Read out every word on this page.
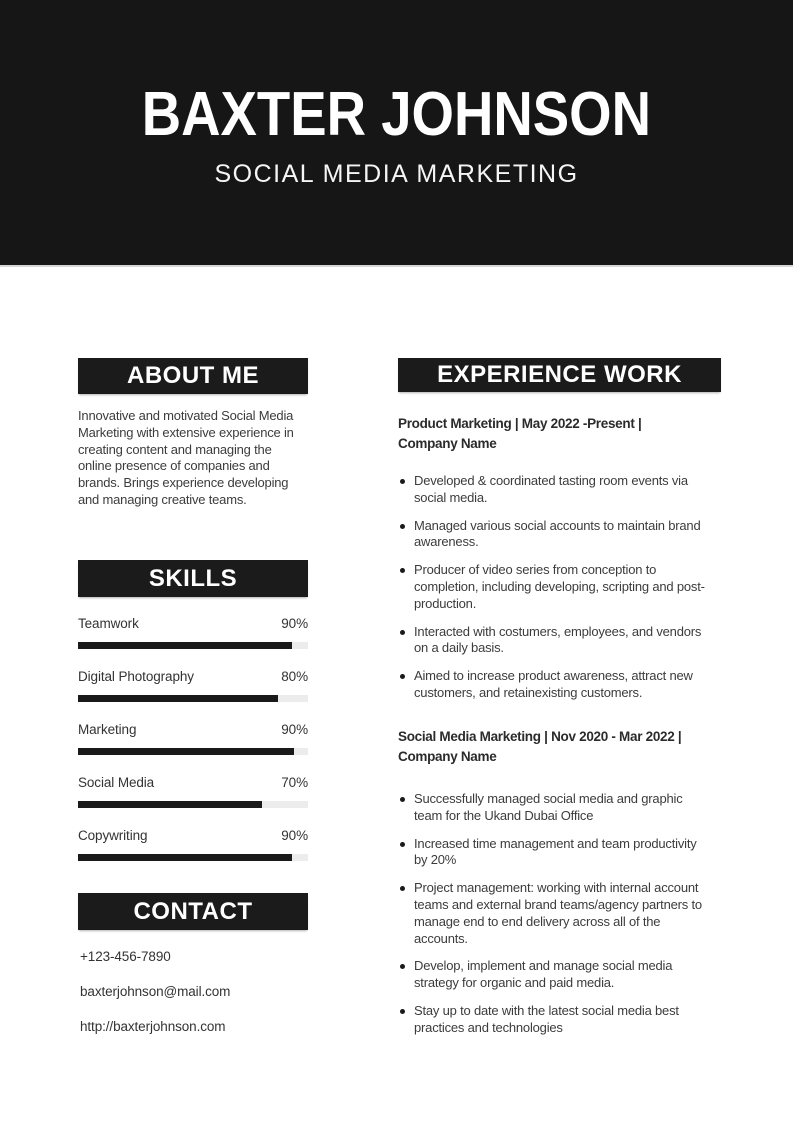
BAXTER JOHNSON
SOCIAL MEDIA MARKETING
ABOUT ME

Innovative and motivated Social Media Marketing with extensive experience in creating content and managing the online presence of companies and brands. Brings experience developing and managing creative teams.

SKILLS
Teamwork	90%
Digital Photography	80%
Marketing	90%
Social Media	70%
Copywriting	90%
CONTACT

+123-456-7890

baxterjohnson@mail.com

http://baxterjohnson.com

EXPERIENCE WORK
Product Marketing | May 2022 -Present |
Company Name

Developed & coordinated tasting room events via social media.

Managed various social accounts to maintain brand awareness.

Producer of video series from conception to completion, including developing, scripting and post-production.

Interacted with costumers, employees, and vendors on a daily basis.

Aimed to increase product awareness, attract new customers, and retainexisting customers.

Social Media Marketing | Nov 2020 - Mar 2022 |
Company Name

Successfully managed social media and graphic team for the Ukand Dubai Office

Increased time management and team productivity by 20%

Project management: working with internal account teams and external brand teams/agency partners to manage end to end delivery across all of the accounts.

Develop, implement and manage social media strategy for organic and paid media.

Stay up to date with the latest social media best practices and technologies
